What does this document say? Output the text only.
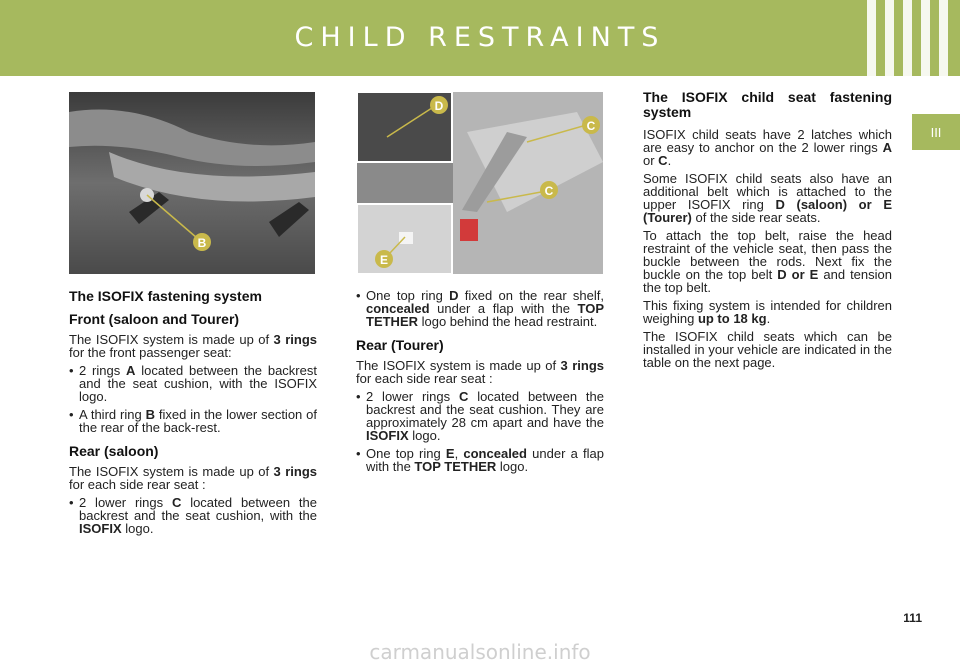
CHILD RESTRAINTS
III
B
D
C
C
E
The ISOFIX fastening system
Front (saloon and Tourer)

The ISOFIX system is made up of 3 rings for the front passenger seat:

• 2 rings A located between the backrest and the seat cushion, with the ISOFIX logo.
• A third ring B fixed in the lower section of the rear of the back-rest.
Rear (saloon)

The ISOFIX system is made up of 3 rings for each side rear seat :

• 2 lower rings C located between the backrest and the seat cushion, with the ISOFIX logo.
• One top ring D fixed on the rear shelf, concealed under a flap with the TOP TETHER logo behind the head restraint.
Rear (Tourer)

The ISOFIX system is made up of 3 rings for each side rear seat :

• 2 lower rings C located between the backrest and the seat cushion. They are approximately 28 cm apart and have the ISOFIX logo.
• One top ring E, concealed under a flap with the TOP TETHER logo.
The ISOFIX child seat fastening system

ISOFIX child seats have 2 latches which are easy to anchor on the 2 lower rings A or C.

Some ISOFIX child seats also have an additional belt which is attached to the upper ISOFIX ring D (saloon) or E (Tourer) of the side rear seats.

To attach the top belt, raise the head restraint of the vehicle seat, then pass the buckle between the rods. Next fix the buckle on the top belt D or E and tension the top belt.

This fixing system is intended for children weighing up to 18 kg.

The ISOFIX child seats which can be installed in your vehicle are indicated in the table on the next page.

111
carmanualsonline.info
